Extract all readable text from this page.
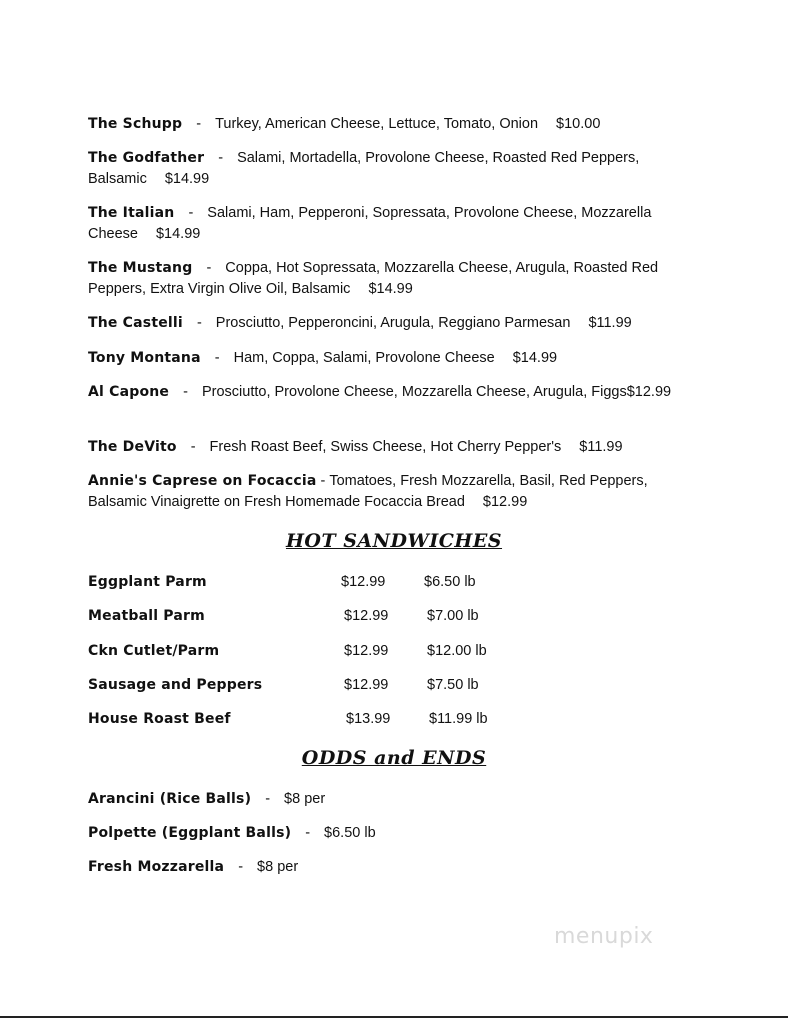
The Schupp - Turkey, American Cheese, Lettuce, Tomato, Onion $10.00
The Godfather - Salami, Mortadella, Provolone Cheese, Roasted Red Peppers, Balsamic $14.99
The Italian - Salami, Ham, Pepperoni, Sopressata, Provolone Cheese, Mozzarella Cheese $14.99
The Mustang - Coppa, Hot Sopressata, Mozzarella Cheese, Arugula, Roasted Red Peppers, Extra Virgin Olive Oil, Balsamic $14.99
The Castelli - Prosciutto, Pepperoncini, Arugula, Reggiano Parmesan $11.99
Tony Montana - Ham, Coppa, Salami, Provolone Cheese $14.99
Al Capone - Prosciutto, Provolone Cheese, Mozzarella Cheese, Arugula, Figgs$12.99
The DeVito - Fresh Roast Beef, Swiss Cheese, Hot Cherry Pepper's $11.99
Annie's Caprese on Focaccia - Tomatoes, Fresh Mozzarella, Basil, Red Peppers, Balsamic Vinaigrette on Fresh Homemade Focaccia Bread $12.99
HOT SANDWICHES
Eggplant Parm	$12.99	$6.50 lb
Meatball Parm	$12.99	$7.00 lb
Ckn Cutlet/Parm	$12.99	$12.00 lb
Sausage and Peppers	$12.99	$7.50 lb
House Roast Beef	$13.99	$11.99 lb
ODDS and ENDS
Arancini (Rice Balls) - $8 per
Polpette (Eggplant Balls) - $6.50 lb
Fresh Mozzarella - $8 per
menupix
